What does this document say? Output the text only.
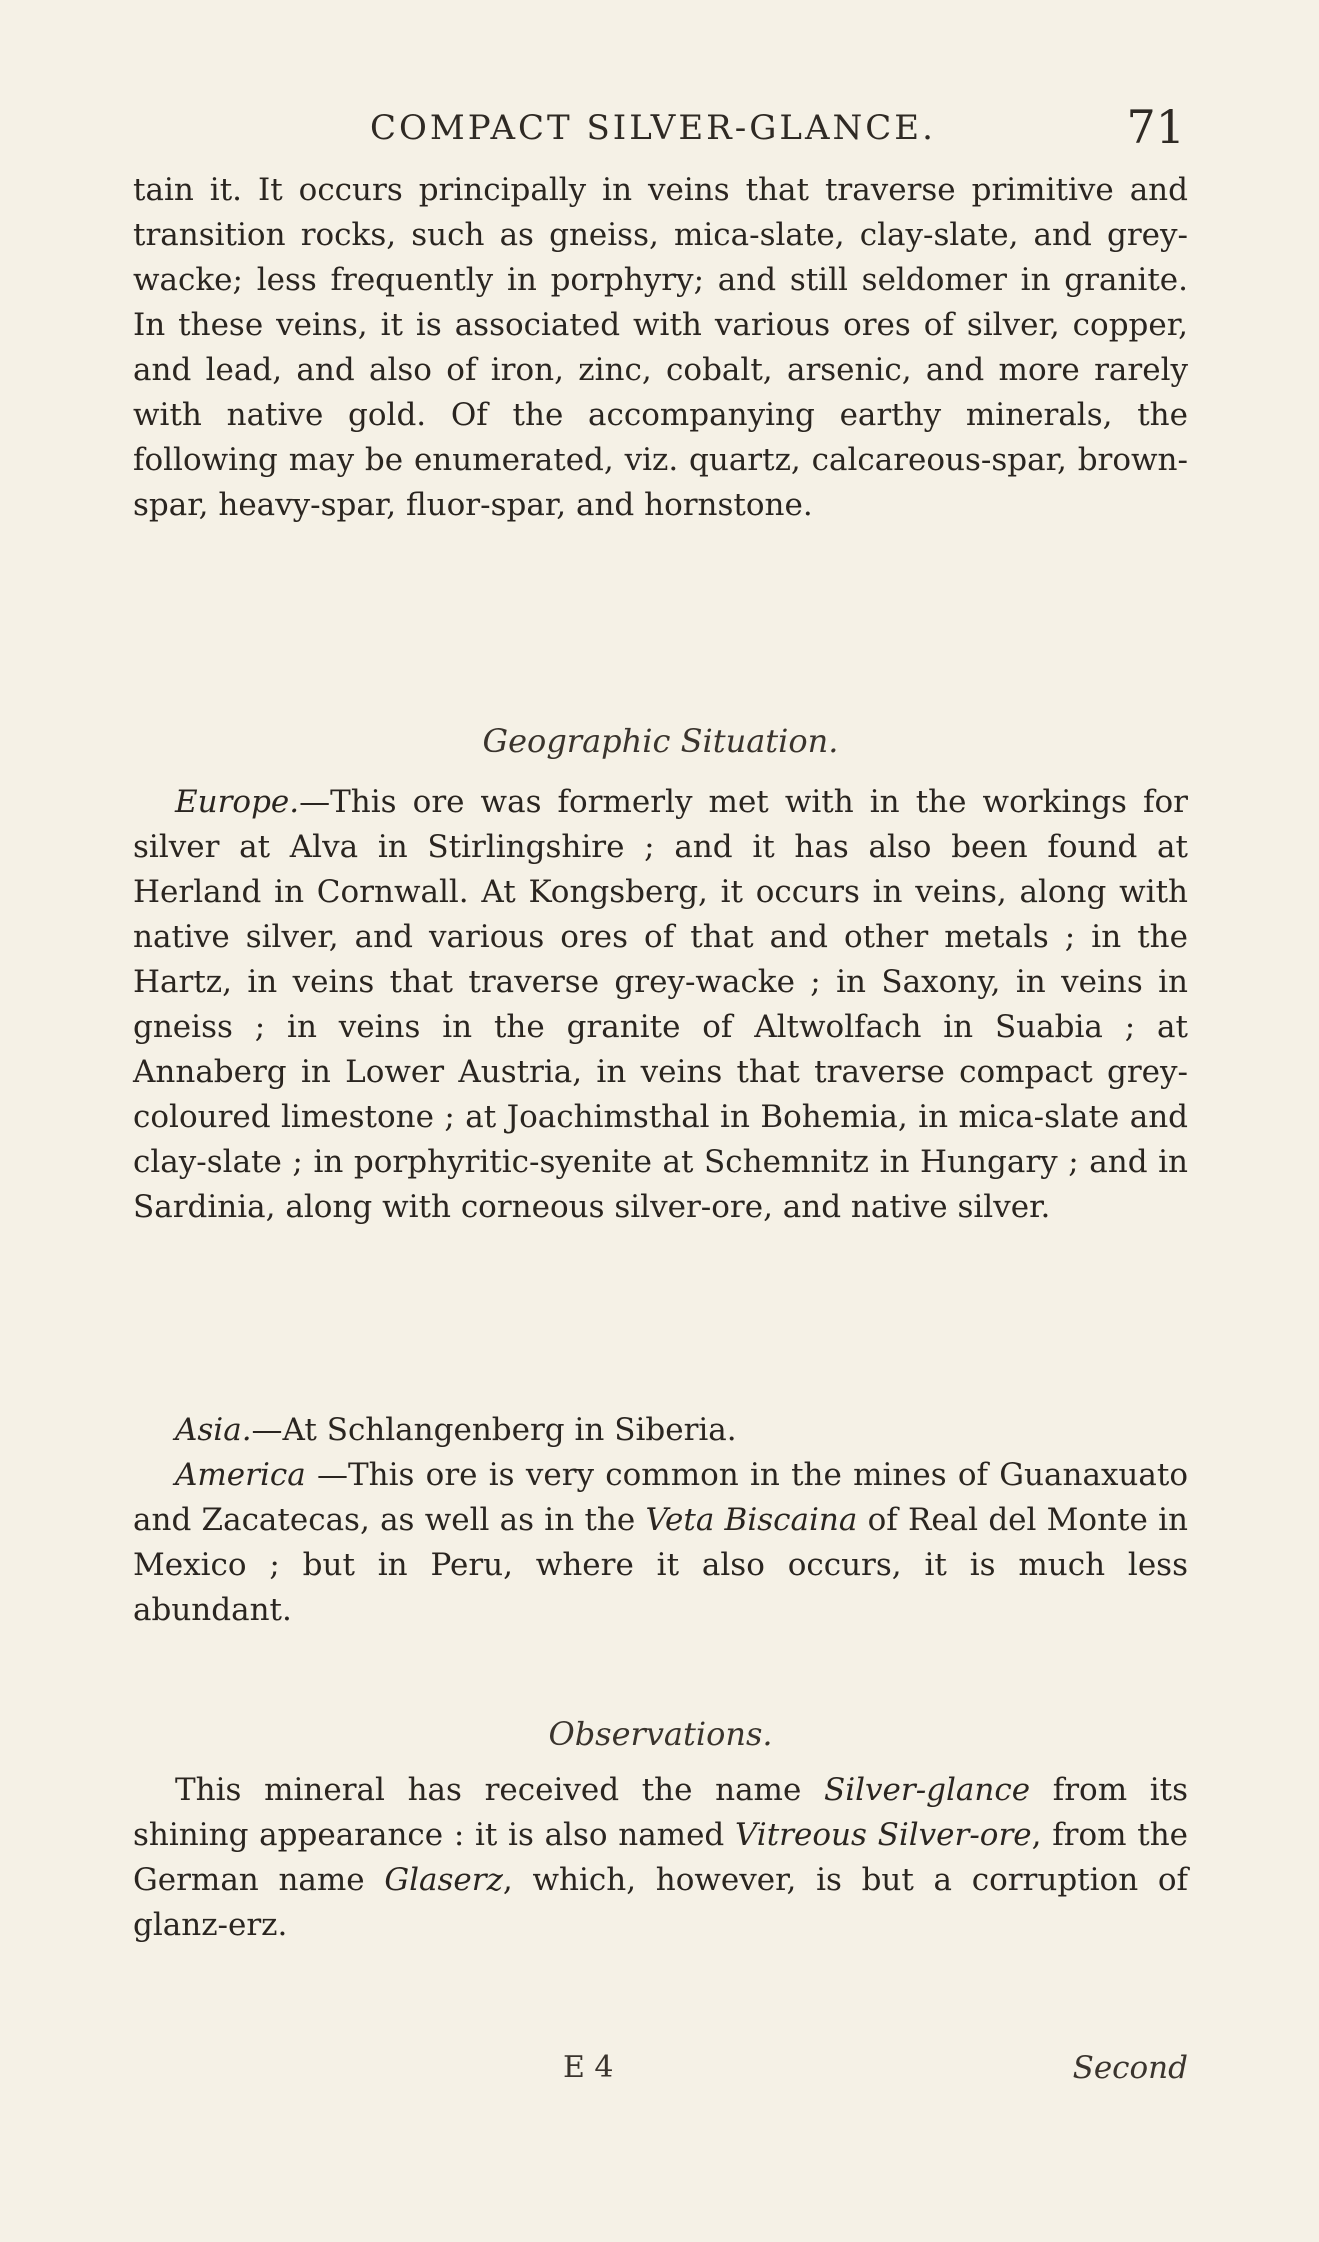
COMPACT SILVER-GLANCE.	71

tain it. It occurs principally in veins that traverse primitive and transition rocks, such as gneiss, mica-slate, clay-slate, and grey-wacke; less frequently in porphyry; and still seldomer in granite. In these veins, it is associated with various ores of silver, copper, and lead, and also of iron, zinc, cobalt, arsenic, and more rarely with native gold. Of the accompanying earthy minerals, the following may be enumerated, viz. quartz, calcareous-spar, brown-spar, heavy-spar, fluor-spar, and hornstone.

Geographic Situation.

Europe.—This ore was formerly met with in the workings for silver at Alva in Stirlingshire ; and it has also been found at Herland in Cornwall. At Kongsberg, it occurs in veins, along with native silver, and various ores of that and other metals ; in the Hartz, in veins that traverse grey-wacke ; in Saxony, in veins in gneiss ; in veins in the granite of Altwolfach in Suabia ; at Annaberg in Lower Austria, in veins that traverse compact grey-coloured limestone ; at Joachimsthal in Bohemia, in mica-slate and clay-slate ; in porphyritic-syenite at Schemnitz in Hungary ; and in Sardinia, along with corneous silver-ore, and native silver.

Asia.—At Schlangenberg in Siberia.

America —This ore is very common in the mines of Guanaxuato and Zacatecas, as well as in the Veta Biscaina of Real del Monte in Mexico ; but in Peru, where it also occurs, it is much less abundant.

Observations.

This mineral has received the name Silver-glance from its shining appearance : it is also named Vitreous Silver-ore, from the German name Glaserz, which, however, is but a corruption of glanz-erz.

E 4	Second
